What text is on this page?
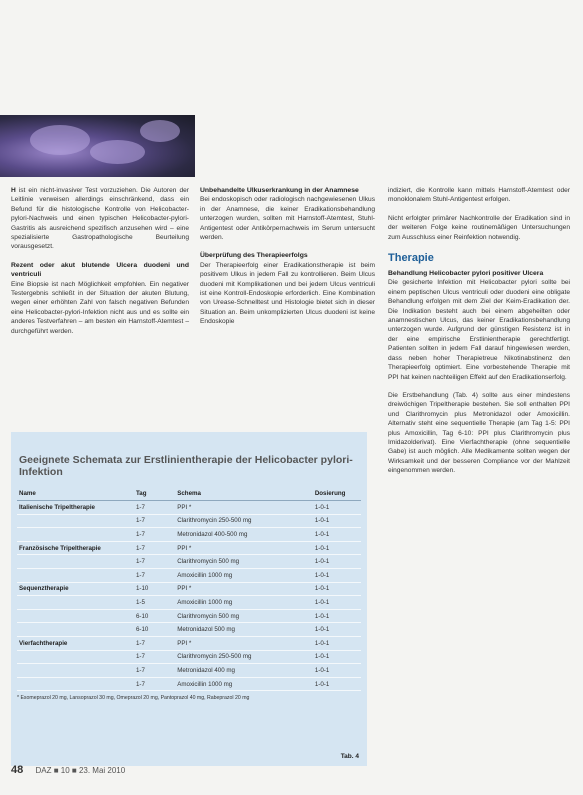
H ist ein nicht-invasiver Test vorzuziehen. Die Autoren der Leitlinie verweisen allerdings einschränkend, dass ein Befund für die histologische Kontrolle von Helicobacter-pylori-Nachweis und einen typischen Helicobacter-pylori-Gastritis als ausreichend spezifisch anzusehen wird – eine spezialisierte Gastropathologische Beurteilung vorausgesetzt.

Rezent oder akut blutende Ulcera duodeni und ventriculi

Eine Biopsie ist nach Möglichkeit empfohlen. Ein negativer Testergebnis schließt in der Situation der akuten Blutung, wegen einer erhöhten Zahl von falsch negativen Befunden eine Helicobacter-pylori-Infektion nicht aus und es sollte ein anderes Testverfahren – am besten ein Harnstoff-Atemtest – durchgeführt werden.

Unbehandelte Ulkuserkrankung in der Anamnese

Bei endoskopisch oder radiologisch nachgewiesenen Ulkus in der Anamnese, die keiner Eradikationsbehandlung unterzogen wurden, sollten mit Harnstoff-Atemtest, Stuhl-Antigentest oder Antikörpernachweis im Serum untersucht werden.

Überprüfung des Therapieerfolgs

Der Therapieerfolg einer Eradikationstherapie ist beim positivem Ulkus in jedem Fall zu kontrollieren. Beim Ulcus duodeni mit Komplikationen und bei jedem Ulcus ventriculi ist eine Kontroll-Endoskopie erforderlich. Eine Kombination von Urease-Schnelltest und Histologie bietet sich in dieser Situation an. Beim unkomplizierten Ulcus duodeni ist keine Endoskopie

indiziert, die Kontrolle kann mittels Harnstoff-Atemtest oder monoklonalem Stuhl-Antigentest erfolgen.

Nicht erfolgter primärer Nachkontrolle der Eradikation sind in der weiteren Folge keine routinemäßigen Untersuchungen zum Ausschluss einer Reinfektion notwendig.

Therapie
Behandlung Helicobacter pylori positiver Ulcera

Die gesicherte Infektion mit Helicobacter pylori sollte bei einem peptischen Ulcus ventriculi oder duodeni eine obligate Behandlung erfolgen mit dem Ziel der Keim-Eradikation der. Die Indikation besteht auch bei einem abgeheilten oder anamnestischen Ulcus, das keiner Eradikationsbehandlung unterzogen wurde. Aufgrund der günstigen Resistenz ist in der eine empirische Erstlinientherapie gerechtfertigt. Patienten sollten in jedem Fall darauf hingewiesen werden, dass neben hoher Therapietreue Nikotinabstinenz den Therapieerfolg optimiert. Eine vorbestehende Therapie mit PPI hat keinen nachteiligen Effekt auf den Eradikationserfolg.

Die Erstbehandlung (Tab. 4) sollte aus einer mindestens dreiwöchigen Tripeltherapie bestehen. Sie soll enthalten PPI und Clarithromycin plus Metronidazol oder Amoxicillin. Alternativ steht eine sequentielle Therapie (am Tag 1-5: PPI plus Amoxicillin, Tag 6-10: PPI plus Clarithromycin plus Imidazolderivat). Eine Vierfachtherapie (ohne sequentielle Gabe) ist auch möglich. Alle Medikamente sollten wegen der Wirksamkeit und der besseren Compliance vor der Mahlzeit eingenommen werden.

Geeignete Schemata zur Erstlinientherapie der Helicobacter pylori-Infektion
Name	Tag	Schema	Dosierung
Italienische Tripeltherapie	1-7	PPI *	1-0-1
	1-7	Clarithromycin 250-500 mg	1-0-1
	1-7	Metronidazol 400-500 mg	1-0-1
Französische Tripeltherapie	1-7	PPI *	1-0-1
	1-7	Clarithromycin 500 mg	1-0-1
	1-7	Amoxicillin 1000 mg	1-0-1
Sequenztherapie	1-10	PPI *	1-0-1
	1-5	Amoxicillin 1000 mg	1-0-1
	6-10	Clarithromycin 500 mg	1-0-1
	6-10	Metronidazol 500 mg	1-0-1
Vierfachtherapie	1-7	PPI *	1-0-1
	1-7	Clarithromycin 250-500 mg	1-0-1
	1-7	Metronidazol 400 mg	1-0-1
	1-7	Amoxicillin 1000 mg	1-0-1
* Esomeprazol 20 mg, Lansoprazol 30 mg, Omeprazol 20 mg, Pantoprazol 40 mg, Rabeprazol 20 mg
Tab. 4
48 DAZ ■ 10 ■ 23. Mai 2010
